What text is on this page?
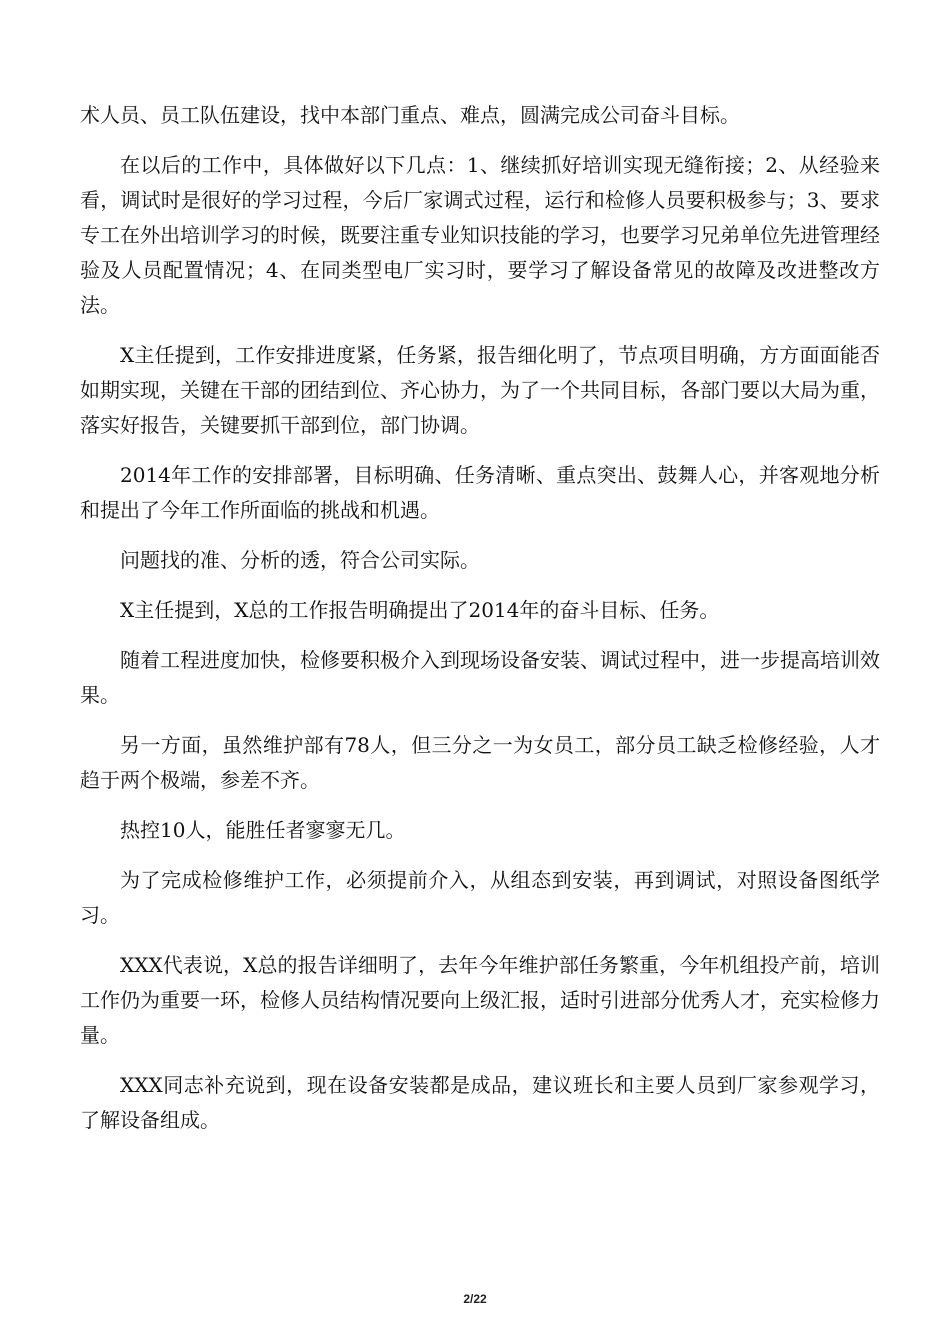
术人员、员工队伍建设，找中本部门重点、难点，圆满完成公司奋斗目标。

在以后的工作中，具体做好以下几点：1、继续抓好培训实现无缝衔接；2、从经验来看，调试时是很好的学习过程，今后厂家调式过程，运行和检修人员要积极参与；3、要求专工在外出培训学习的时候，既要注重专业知识技能的学习，也要学习兄弟单位先进管理经验及人员配置情况；4、在同类型电厂实习时，要学习了解设备常见的故障及改进整改方法。

X主任提到，工作安排进度紧，任务紧，报告细化明了，节点项目明确，方方面面能否如期实现，关键在干部的团结到位、齐心协力，为了一个共同目标，各部门要以大局为重，落实好报告，关键要抓干部到位，部门协调。

2014年工作的安排部署，目标明确、任务清晰、重点突出、鼓舞人心，并客观地分析和提出了今年工作所面临的挑战和机遇。

问题找的准、分析的透，符合公司实际。

X主任提到，X总的工作报告明确提出了2014年的奋斗目标、任务。

随着工程进度加快，检修要积极介入到现场设备安装、调试过程中，进一步提高培训效果。

另一方面，虽然维护部有78人，但三分之一为女员工，部分员工缺乏检修经验，人才趋于两个极端，参差不齐。

热控10人，能胜任者寥寥无几。

为了完成检修维护工作，必须提前介入，从组态到安装，再到调试，对照设备图纸学习。

XXX代表说，X总的报告详细明了，去年今年维护部任务繁重，今年机组投产前，培训工作仍为重要一环，检修人员结构情况要向上级汇报，适时引进部分优秀人才，充实检修力量。

XXX同志补充说到，现在设备安装都是成品，建议班长和主要人员到厂家参观学习，了解设备组成。

2/22
